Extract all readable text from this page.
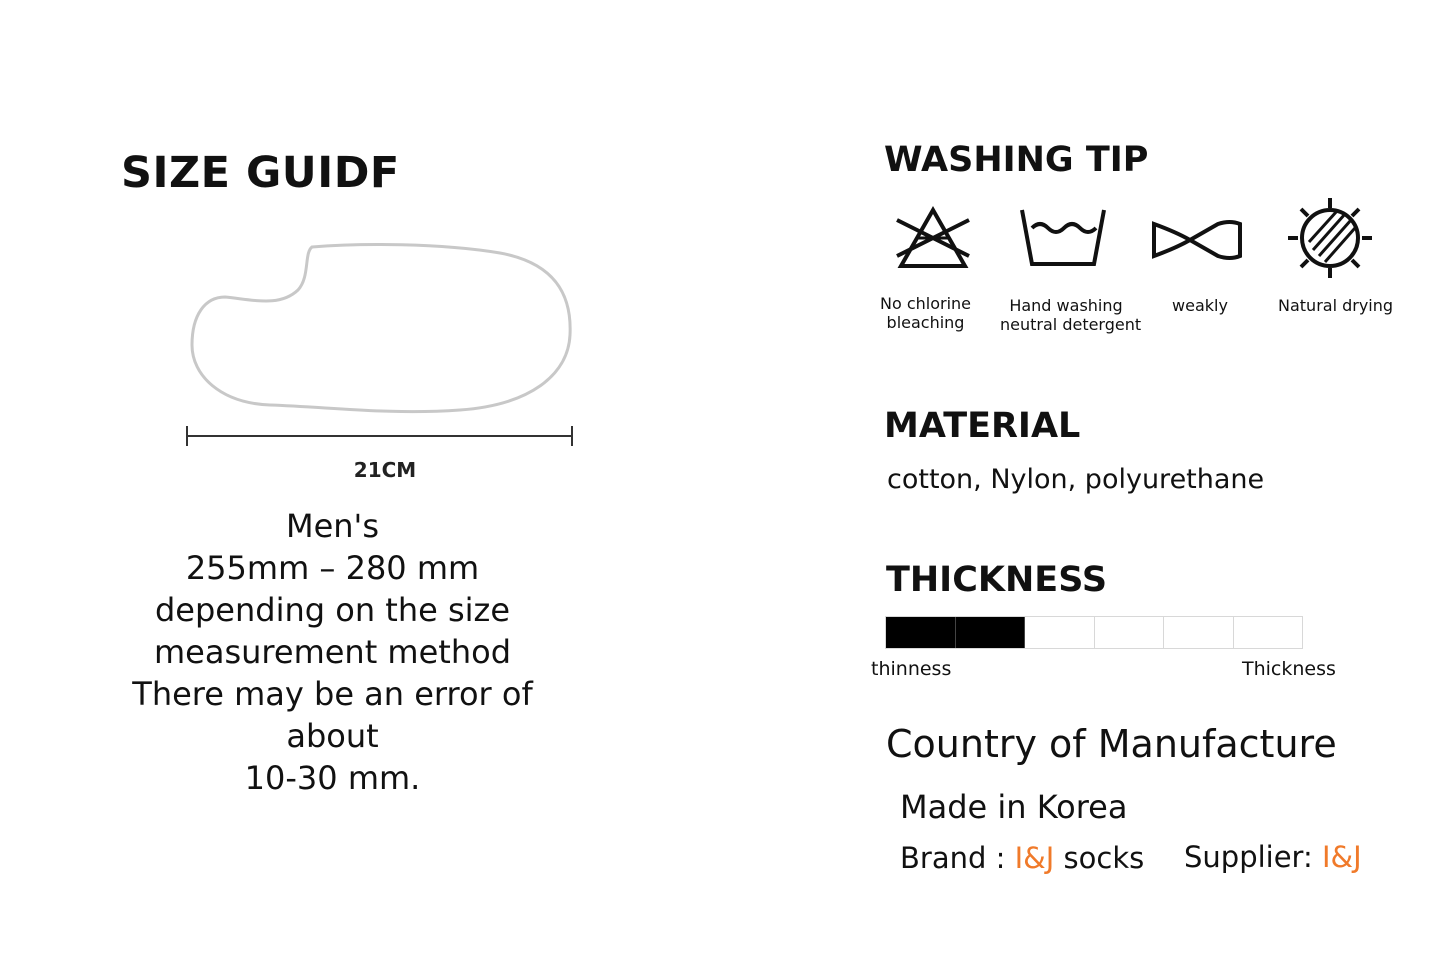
SIZE GUIDF
21CM
Men's
255mm – 280 mm
depending on the size
measurement method
There may be an error of
about
10-30 mm.
WASHING TIP
No chlorine
bleaching
Hand washing
neutral detergent
weakly	Natural drying
MATERIAL
cotton, Nylon, polyurethane
THICKNESS
thinness	Thickness
Country of Manufacture
Made in Korea
Brand : I&J socks Supplier: I&J
